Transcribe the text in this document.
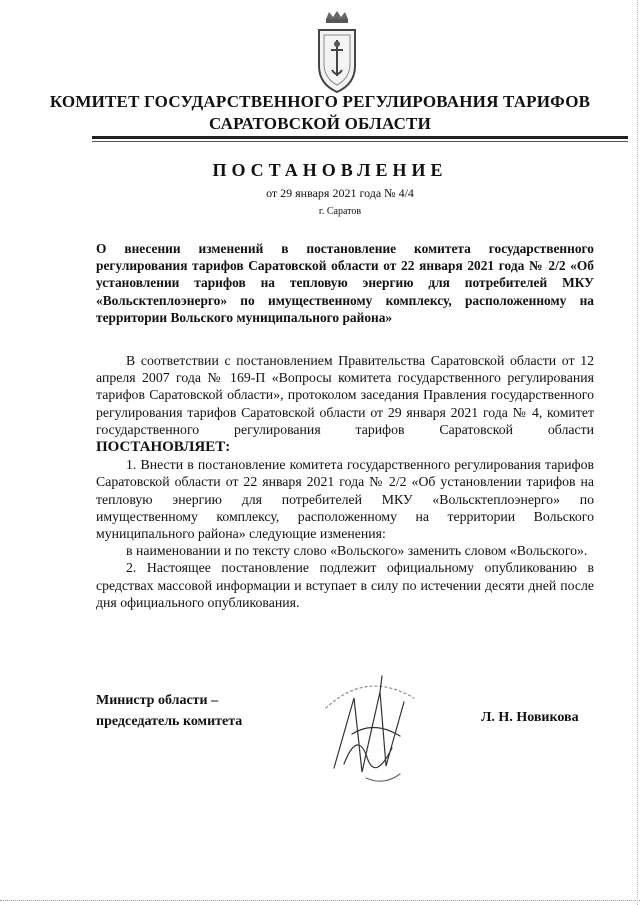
КОМИТЕТ ГОСУДАРСТВЕННОГО РЕГУЛИРОВАНИЯ ТАРИФОВ
САРАТОВСКОЙ ОБЛАСТИ
ПОСТАНОВЛЕНИЕ
от 29 января 2021 года № 4/4
г. Саратов
О внесении изменений в постановление комитета государственного регулирования тарифов Саратовской области от 22 января 2021 года № 2/2 «Об установлении тарифов на тепловую энергию для потребителей МКУ «Вольсктеплоэнерго» по имущественному комплексу, расположенному на территории Вольского муниципального района»

В соответствии с постановлением Правительства Саратовской области от 12 апреля 2007 года № 169-П «Вопросы комитета государственного регулирования тарифов Саратовской области», протоколом заседания Правления государственного регулирования тарифов Саратовской области от 29 января 2021 года № 4, комитет государственного регулирования тарифов Саратовской области ПОСТАНОВЛЯЕТ:

1. Внести в постановление комитета государственного регулирования тарифов Саратовской области от 22 января 2021 года № 2/2 «Об установлении тарифов на тепловую энергию для потребителей МКУ «Вольсктеплоэнерго» по имущественному комплексу, расположенному на территории Вольского муниципального района» следующие изменения:

в наименовании и по тексту слово «Вольского» заменить словом «Вольского».

2. Настоящее постановление подлежит официальному опубликованию в средствах массовой информации и вступает в силу по истечении десяти дней после дня официального опубликования.

Министр области –
председатель комитета	Л. Н. Новикова
